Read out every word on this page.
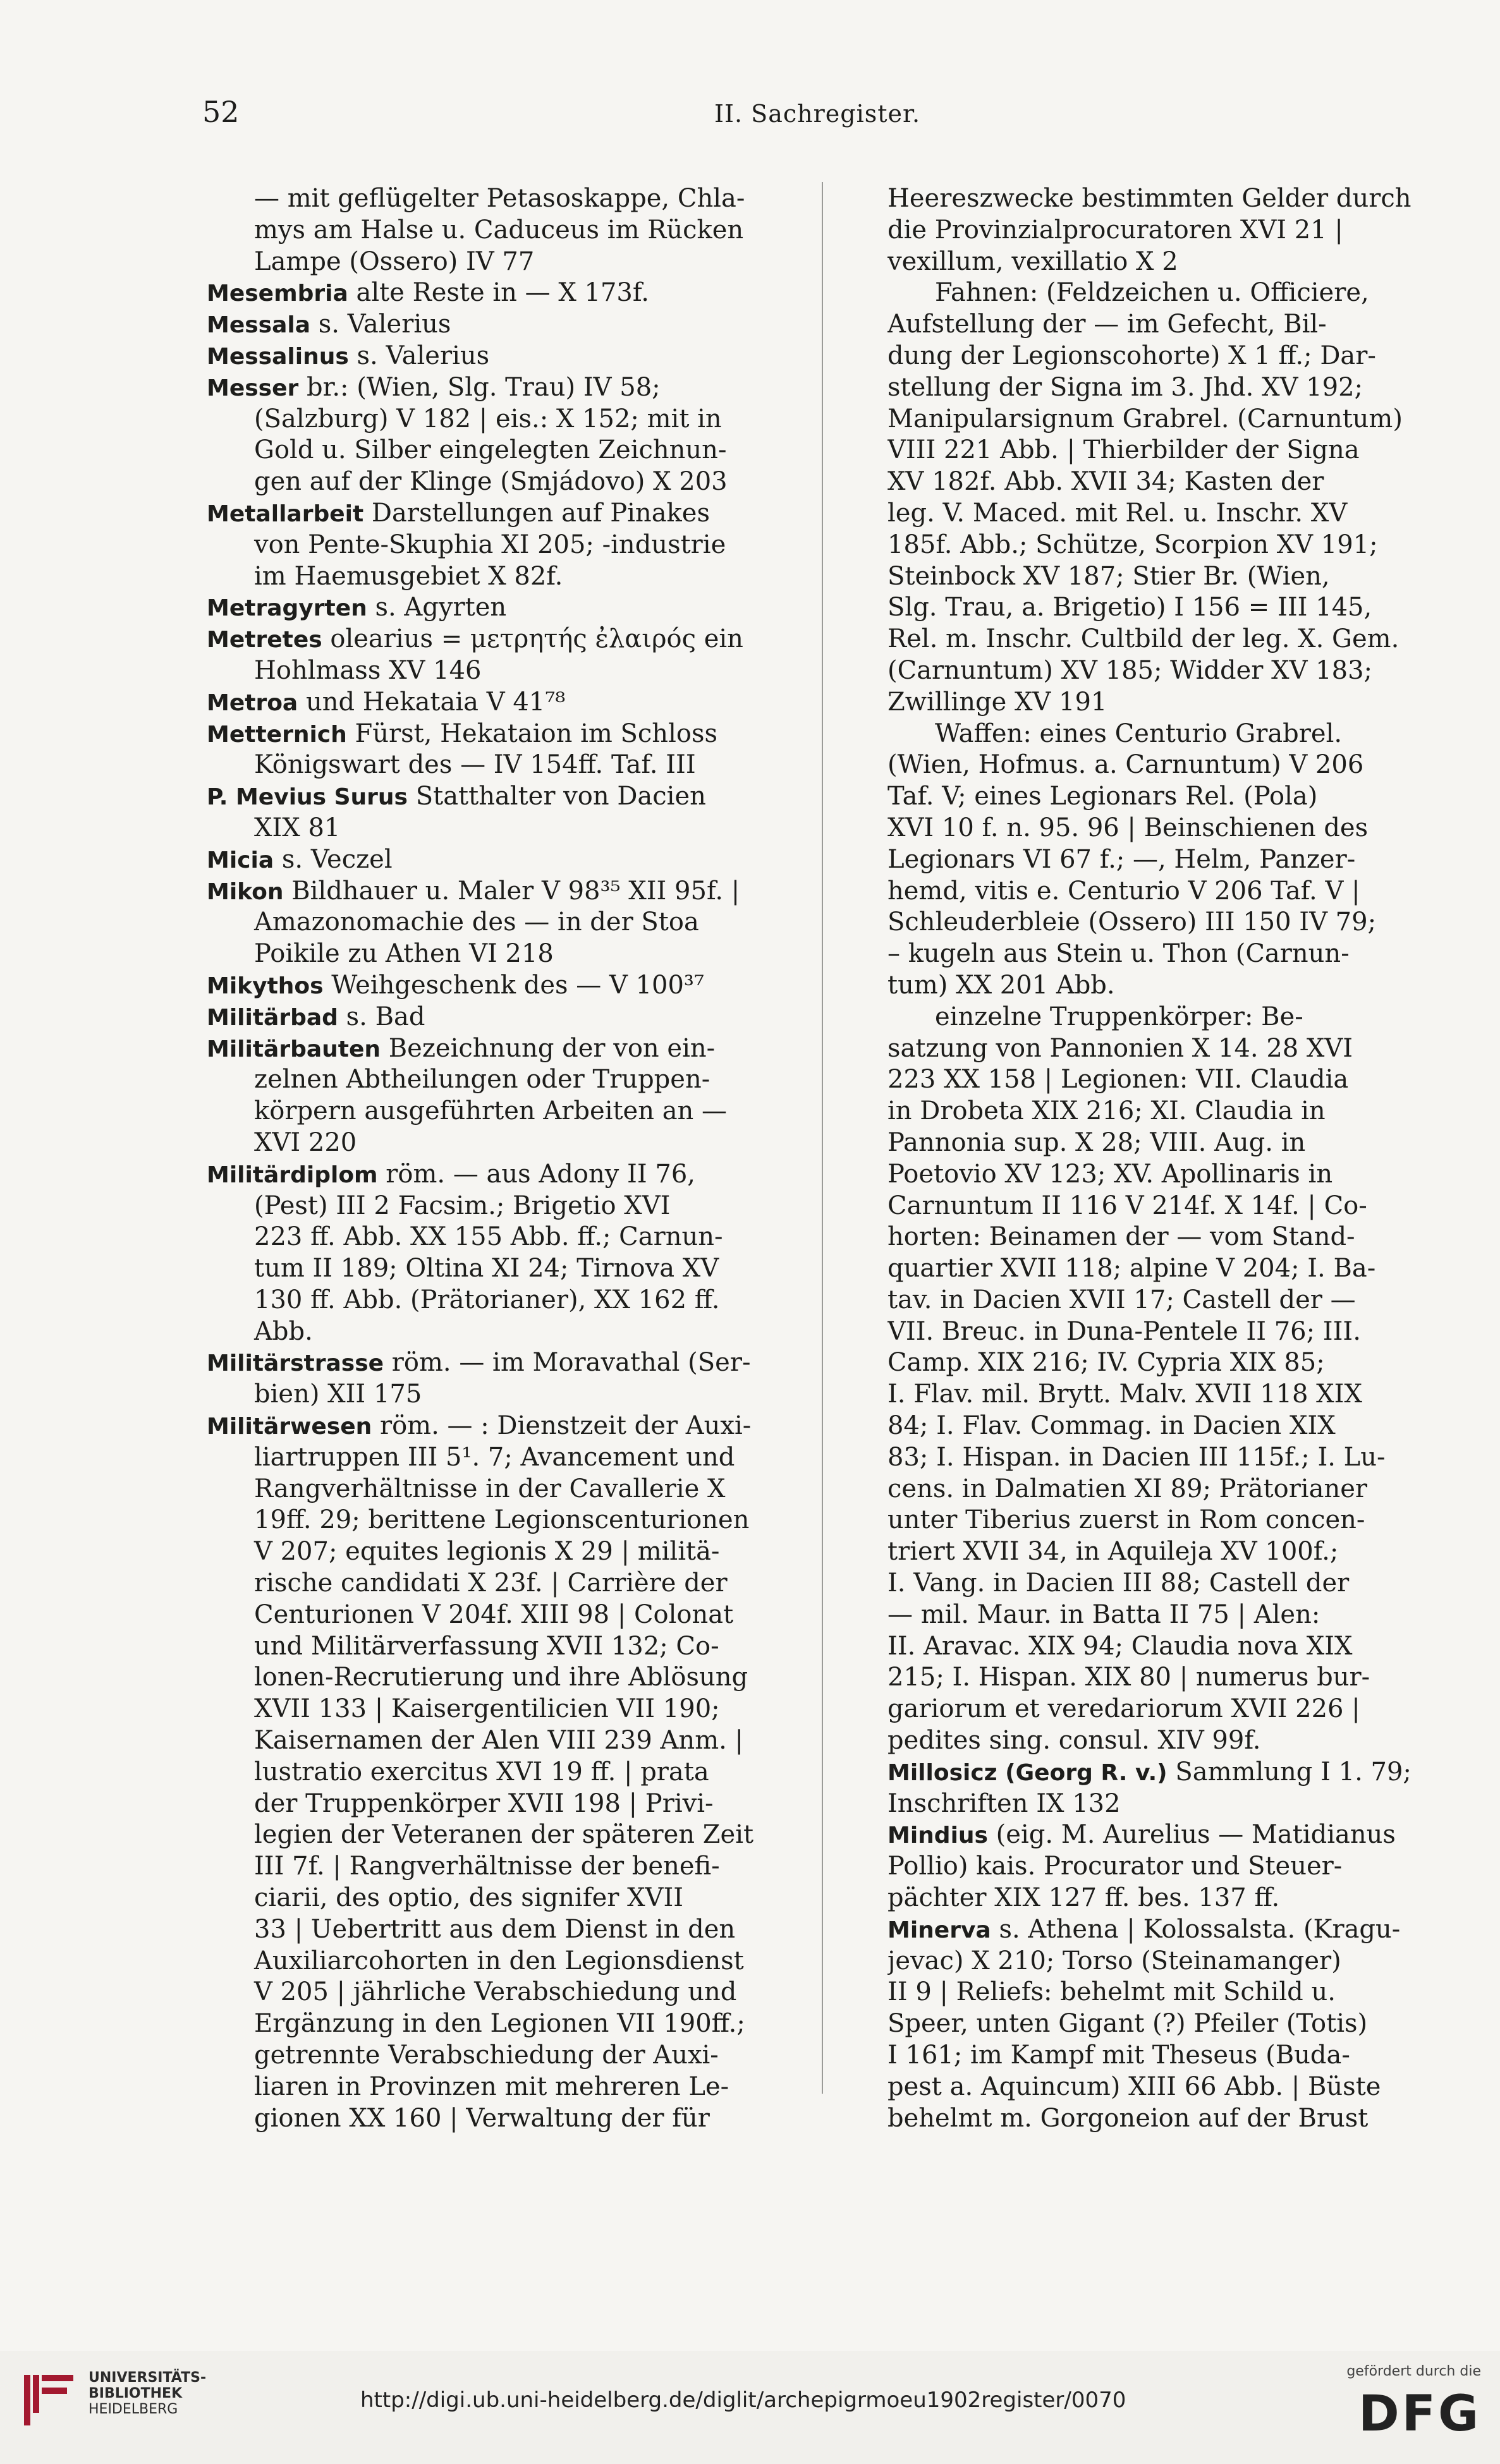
52	II. Sachregister.
— mit geflügelter Petasoskappe, Chla-
mys am Halse u. Caduceus im Rücken
Lampe (Ossero) IV 77
Mesembria alte Reste in — X 173f.
Messala s. Valerius
Messalinus s. Valerius
Messer br.: (Wien, Slg. Trau) IV 58;
(Salzburg) V 182 | eis.: X 152; mit in
Gold u. Silber eingelegten Zeichnun-
gen auf der Klinge (Smjádovo) X 203
Metallarbeit Darstellungen auf Pinakes
von Pente-Skuphia XI 205; -industrie
im Haemusgebiet X 82f.
Metragyrten s. Agyrten
Metretes olearius = μετρητής ἐλαιρός ein
Hohlmass XV 146
Metroa und Hekataia V 41⁷⁸
Metternich Fürst, Hekataion im Schloss
Königswart des — IV 154ff. Taf. III
P. Mevius Surus Statthalter von Dacien
XIX 81
Micia s. Veczel
Mikon Bildhauer u. Maler V 98³⁵ XII 95f. |
Amazonomachie des — in der Stoa
Poikile zu Athen VI 218
Mikythos Weihgeschenk des — V 100³⁷
Militärbad s. Bad
Militärbauten Bezeichnung der von ein-
zelnen Abtheilungen oder Truppen-
körpern ausgeführten Arbeiten an —
XVI 220
Militärdiplom röm. — aus Adony II 76,
(Pest) III 2 Facsim.; Brigetio XVI
223 ff. Abb. XX 155 Abb. ff.; Carnun-
tum II 189; Oltina XI 24; Tirnova XV
130 ff. Abb. (Prätorianer), XX 162 ff.
Abb.
Militärstrasse röm. — im Moravathal (Ser-
bien) XII 175
Militärwesen röm. — : Dienstzeit der Auxi-
liartruppen III 5¹. 7; Avancement und
Rangverhältnisse in der Cavallerie X
19ff. 29; berittene Legionscenturionen
V 207; equites legionis X 29 | militä-
rische candidati X 23f. | Carrière der
Centurionen V 204f. XIII 98 | Colonat
und Militärverfassung XVII 132; Co-
lonen-Recrutierung und ihre Ablösung
XVII 133 | Kaisergentilicien VII 190;
Kaisernamen der Alen VIII 239 Anm. |
lustratio exercitus XVI 19 ff. | prata
der Truppenkörper XVII 198 | Privi-
legien der Veteranen der späteren Zeit
III 7f. | Rangverhältnisse der benefi-
ciarii, des optio, des signifer XVII
33 | Uebertritt aus dem Dienst in den
Auxiliarcohorten in den Legionsdienst
V 205 | jährliche Verabschiedung und
Ergänzung in den Legionen VII 190ff.;
getrennte Verabschiedung der Auxi-
liaren in Provinzen mit mehreren Le-
gionen XX 160 | Verwaltung der für
Heereszwecke bestimmten Gelder durch
die Provinzialprocuratoren XVI 21 |
vexillum, vexillatio X 2
Fahnen: (Feldzeichen u. Officiere,
Aufstellung der — im Gefecht, Bil-
dung der Legionscohorte) X 1 ff.; Dar-
stellung der Signa im 3. Jhd. XV 192;
Manipularsignum Grabrel. (Carnuntum)
VIII 221 Abb. | Thierbilder der Signa
XV 182f. Abb. XVII 34; Kasten der
leg. V. Maced. mit Rel. u. Inschr. XV
185f. Abb.; Schütze, Scorpion XV 191;
Steinbock XV 187; Stier Br. (Wien,
Slg. Trau, a. Brigetio) I 156 = III 145,
Rel. m. Inschr. Cultbild der leg. X. Gem.
(Carnuntum) XV 185; Widder XV 183;
Zwillinge XV 191
Waffen: eines Centurio Grabrel.
(Wien, Hofmus. a. Carnuntum) V 206
Taf. V; eines Legionars Rel. (Pola)
XVI 10 f. n. 95. 96 | Beinschienen des
Legionars VI 67 f.; —, Helm, Panzer-
hemd, vitis e. Centurio V 206 Taf. V |
Schleuderbleie (Ossero) III 150 IV 79;
– kugeln aus Stein u. Thon (Carnun-
tum) XX 201 Abb.
einzelne Truppenkörper: Be-
satzung von Pannonien X 14. 28 XVI
223 XX 158 | Legionen: VII. Claudia
in Drobeta XIX 216; XI. Claudia in
Pannonia sup. X 28; VIII. Aug. in
Poetovio XV 123; XV. Apollinaris in
Carnuntum II 116 V 214f. X 14f. | Co-
horten: Beinamen der — vom Stand-
quartier XVII 118; alpine V 204; I. Ba-
tav. in Dacien XVII 17; Castell der —
VII. Breuc. in Duna-Pentele II 76; III.
Camp. XIX 216; IV. Cypria XIX 85;
I. Flav. mil. Brytt. Malv. XVII 118 XIX
84; I. Flav. Commag. in Dacien XIX
83; I. Hispan. in Dacien III 115f.; I. Lu-
cens. in Dalmatien XI 89; Prätorianer
unter Tiberius zuerst in Rom concen-
triert XVII 34, in Aquileja XV 100f.;
I. Vang. in Dacien III 88; Castell der
— mil. Maur. in Batta II 75 | Alen:
II. Aravac. XIX 94; Claudia nova XIX
215; I. Hispan. XIX 80 | numerus bur-
gariorum et veredariorum XVII 226 |
pedites sing. consul. XIV 99f.
Millosicz (Georg R. v.) Sammlung I 1. 79;
Inschriften IX 132
Mindius (eig. M. Aurelius — Matidianus
Pollio) kais. Procurator und Steuer-
pächter XIX 127 ff. bes. 137 ff.
Minerva s. Athena | Kolossalsta. (Kragu-
jevac) X 210; Torso (Steinamanger)
II 9 | Reliefs: behelmt mit Schild u.
Speer, unten Gigant (?) Pfeiler (Totis)
I 161; im Kampf mit Theseus (Buda-
pest a. Aquincum) XIII 66 Abb. | Büste
behelmt m. Gorgoneion auf der Brust
UNIVERSITÄTS-
BIBLIOTHEK
HEIDELBERG	http://digi.ub.uni-heidelberg.de/diglit/archepigrmoeu1902register/0070
gefördert durch die
DFG
